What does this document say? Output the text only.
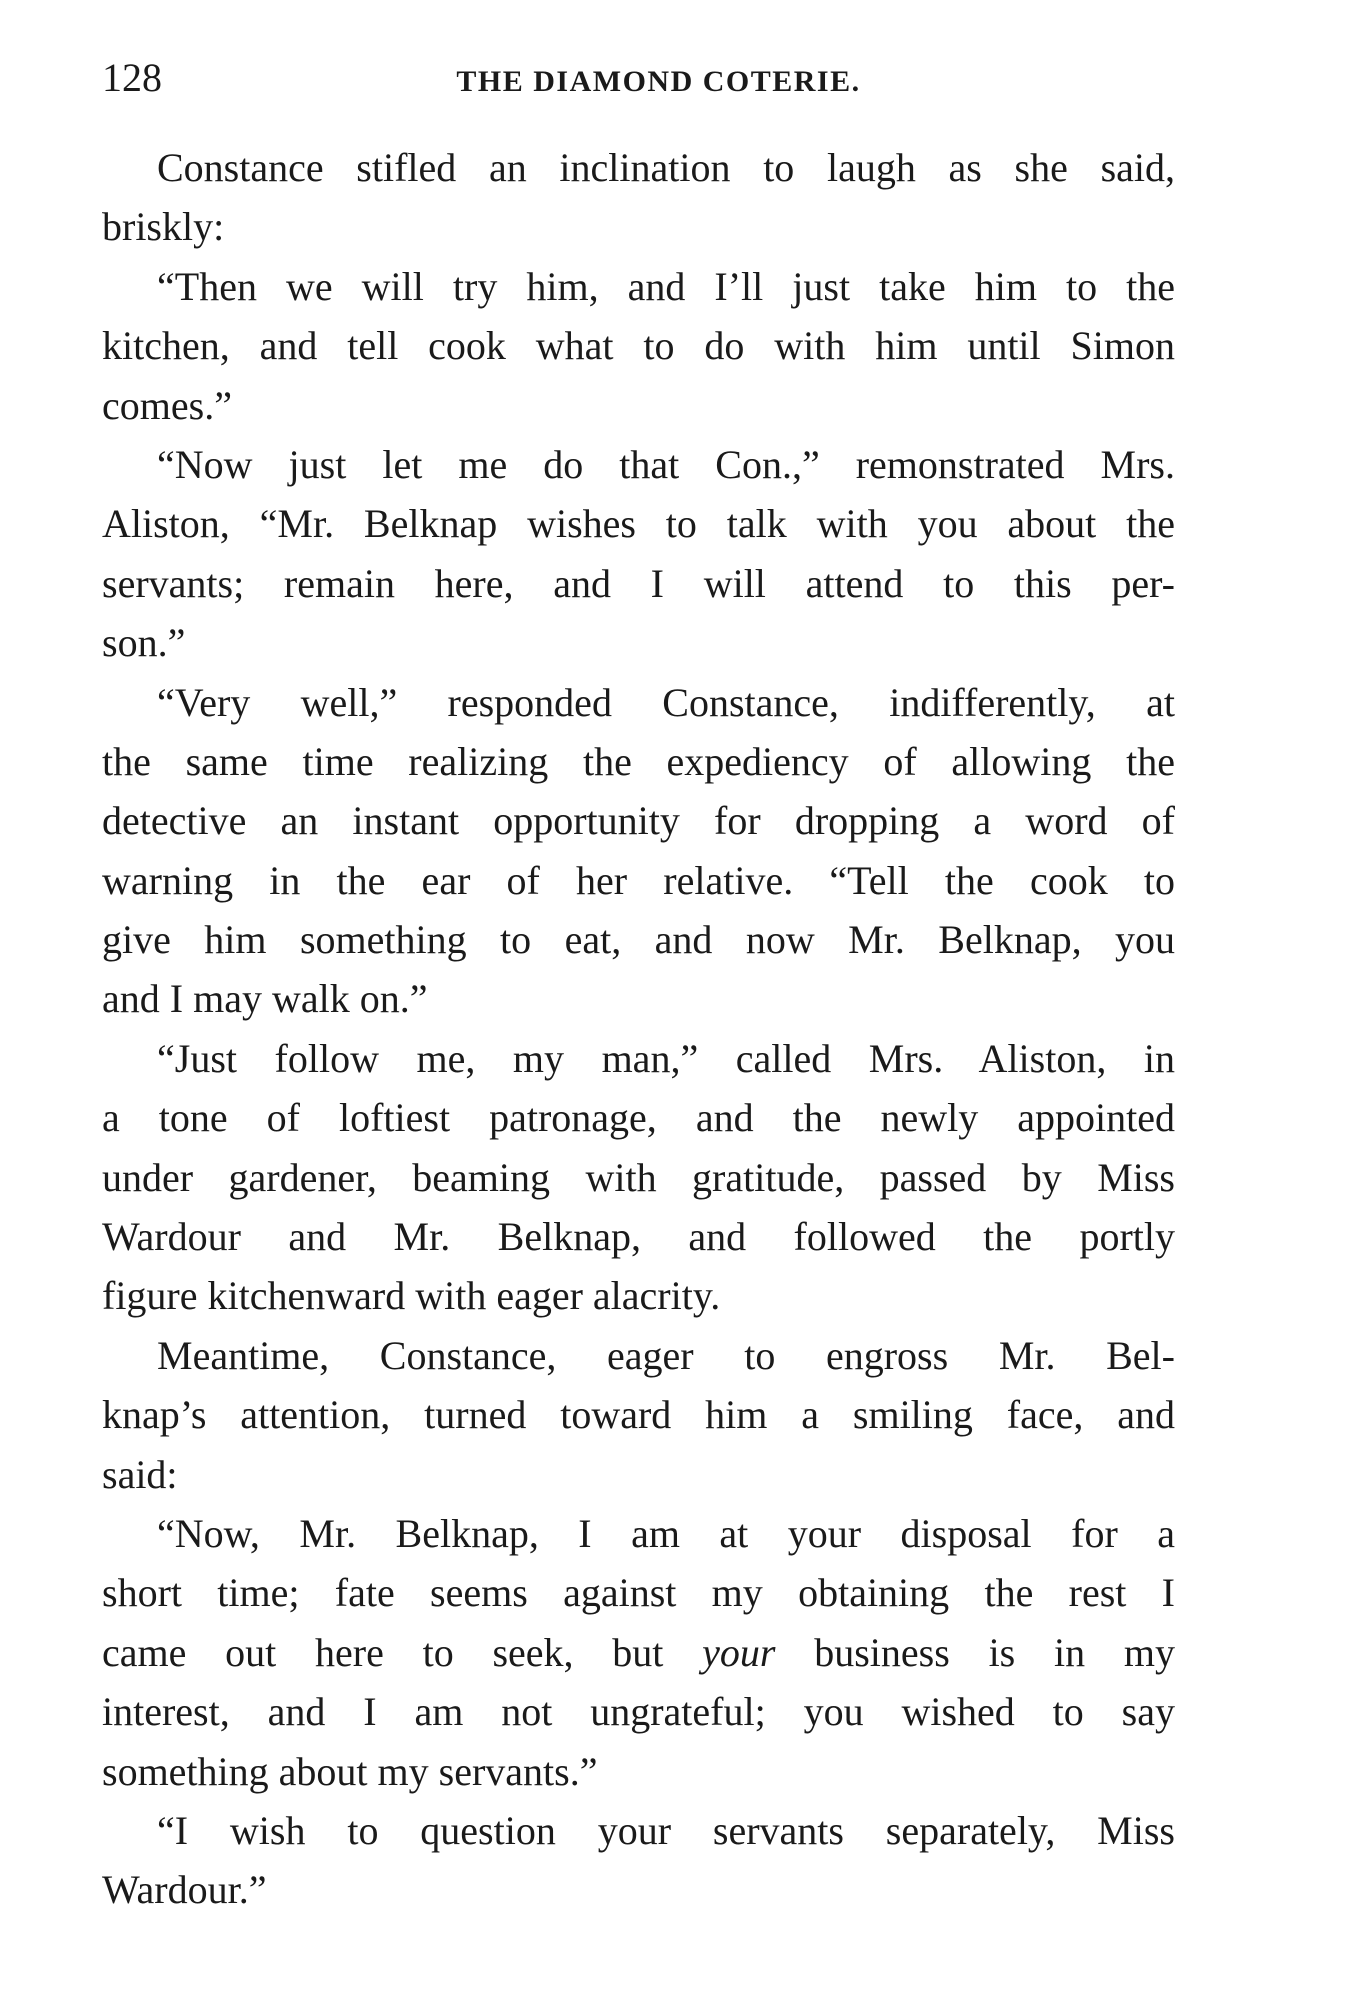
128	THE DIAMOND COTERIE.
Constance stifled an inclination to laugh as she said,
briskly:
“Then we will try him, and I’ll just take him to the
kitchen, and tell cook what to do with him until Simon
comes.”
“Now just let me do that Con.,” remonstrated Mrs.
Aliston, “Mr. Belknap wishes to talk with you about the
servants; remain here, and I will attend to this per-
son.”
“Very well,” responded Constance, indifferently, at
the same time realizing the expediency of allowing the
detective an instant opportunity for dropping a word of
warning in the ear of her relative. “Tell the cook to
give him something to eat, and now Mr. Belknap, you
and I may walk on.”
“Just follow me, my man,” called Mrs. Aliston, in
a tone of loftiest patronage, and the newly appointed
under gardener, beaming with gratitude, passed by Miss
Wardour and Mr. Belknap, and followed the portly
figure kitchenward with eager alacrity.
Meantime, Constance, eager to engross Mr. Bel-
knap’s attention, turned toward him a smiling face, and
said:
“Now, Mr. Belknap, I am at your disposal for a
short time; fate seems against my obtaining the rest I
came out here to seek, but your business is in my
interest, and I am not ungrateful; you wished to say
something about my servants.”
“I wish to question your servants separately, Miss
Wardour.”
